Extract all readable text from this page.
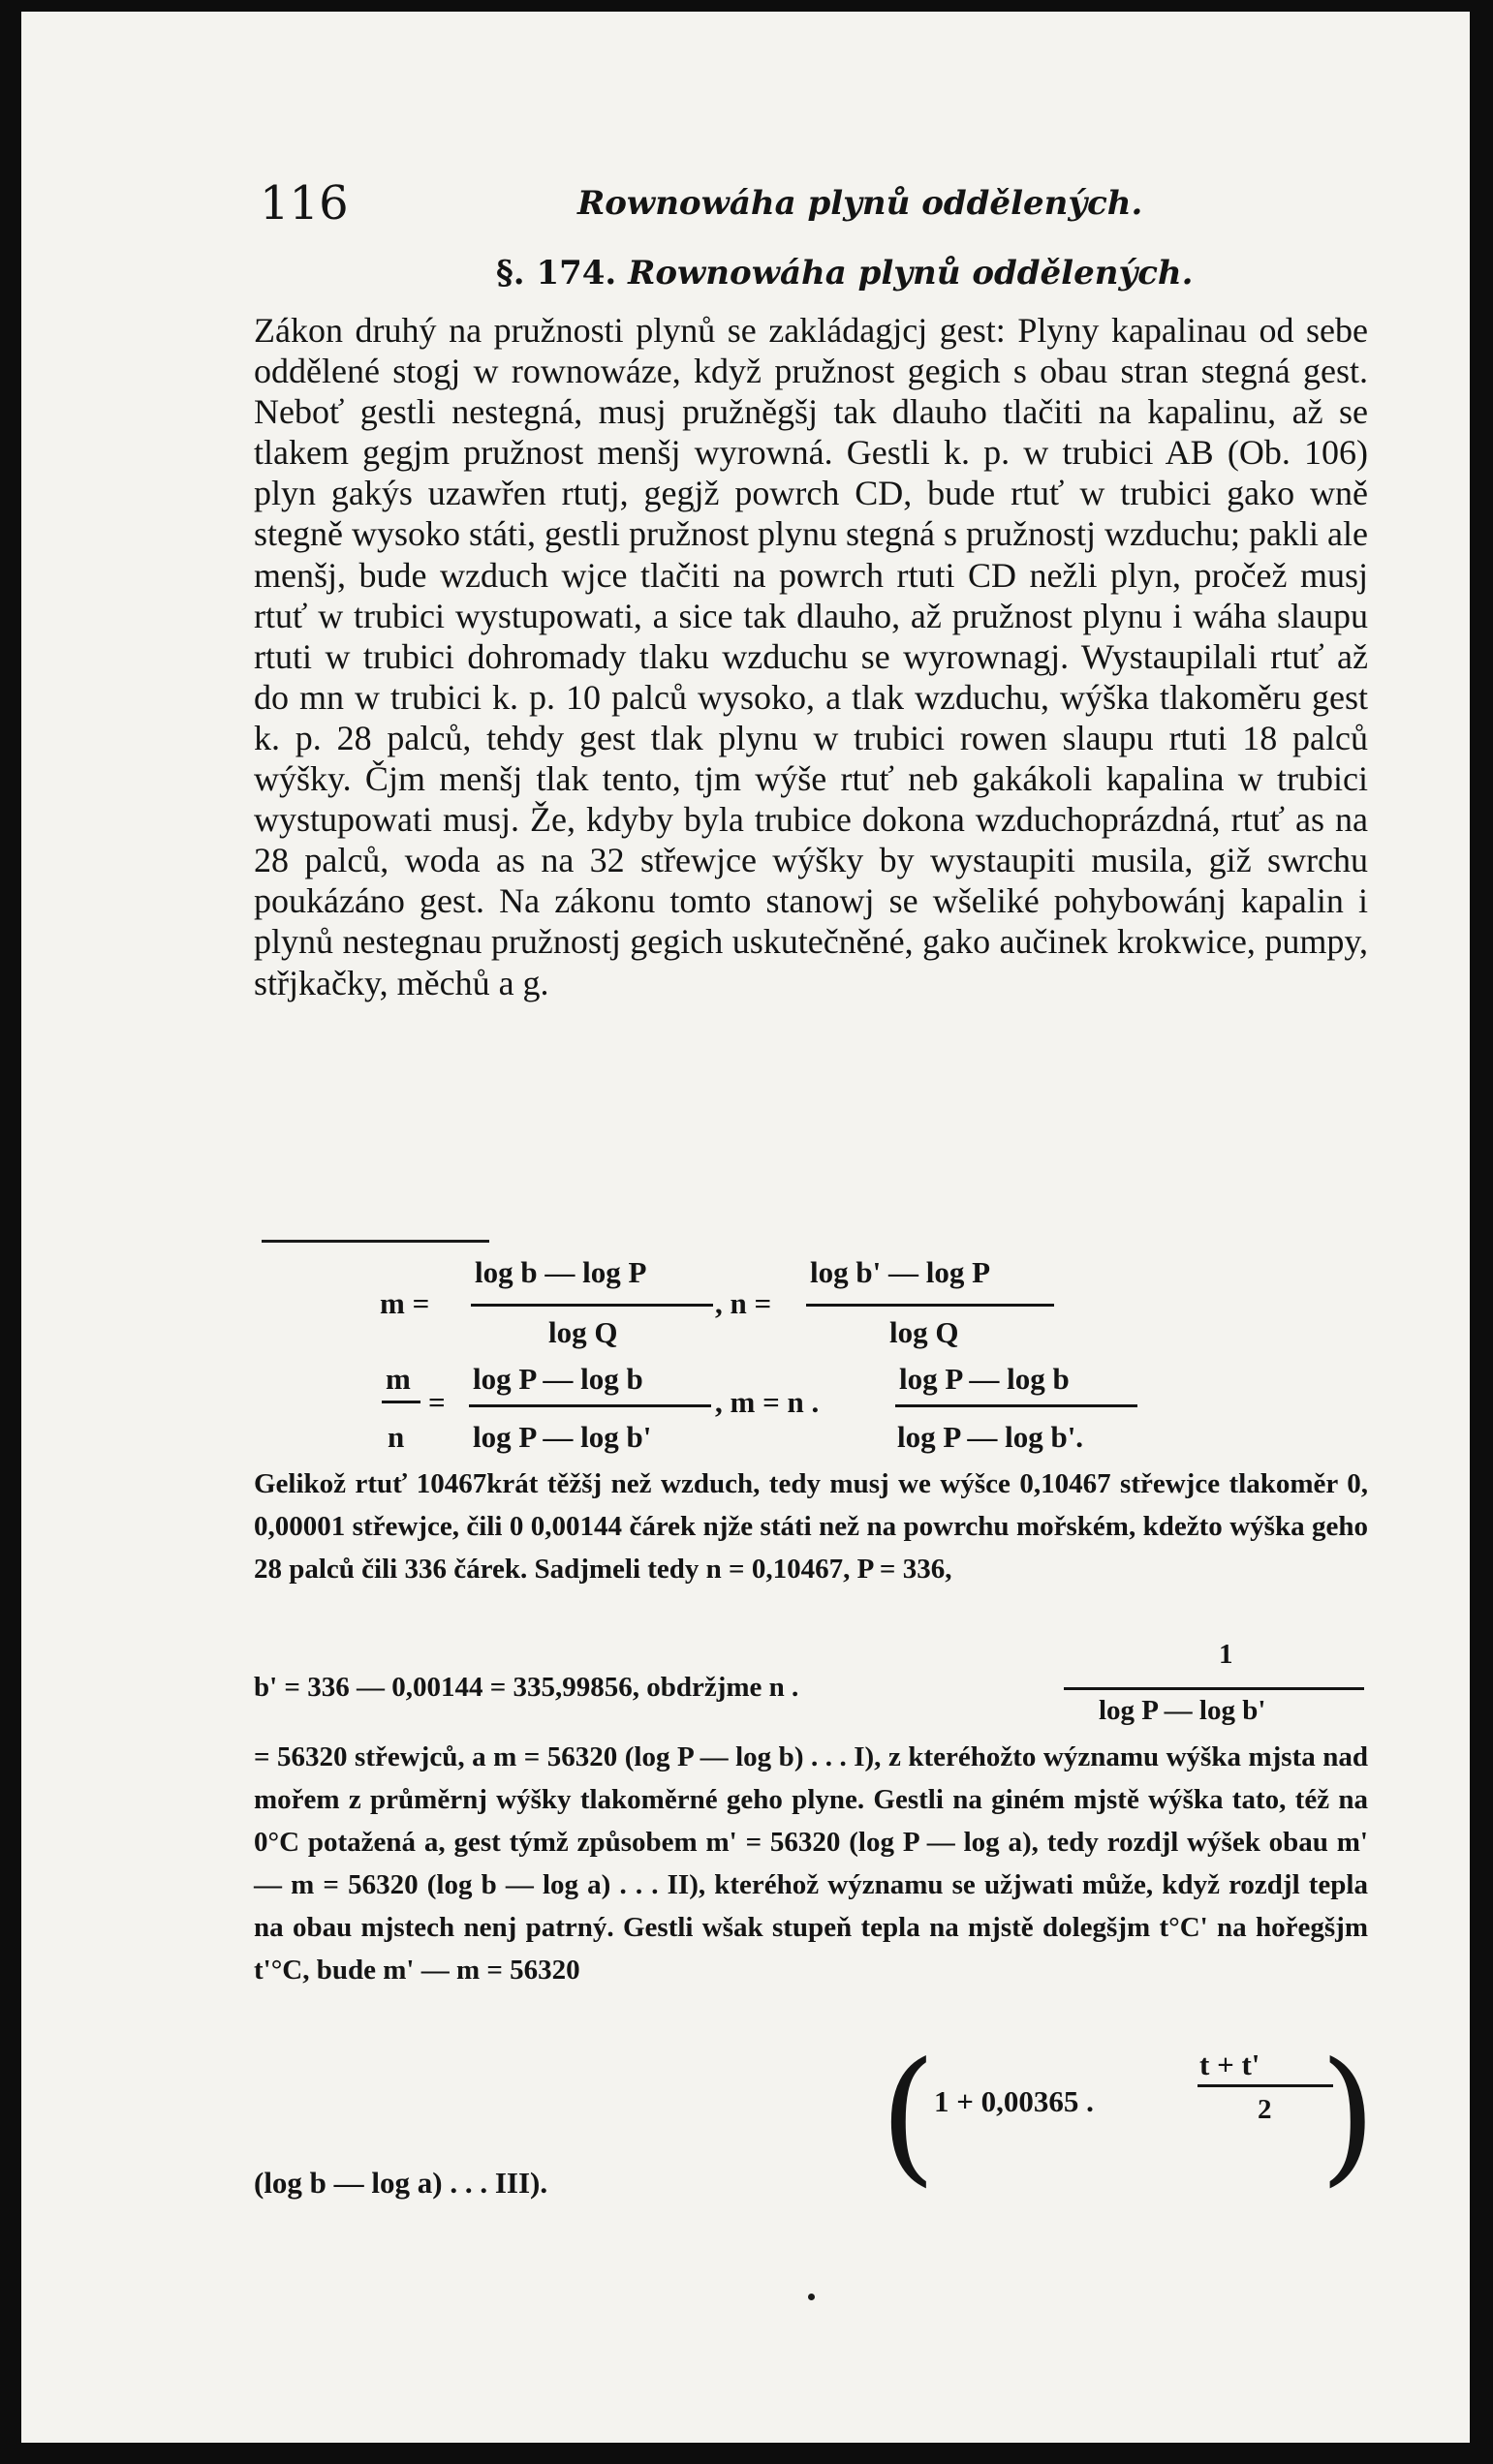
116	Rownowáha plynů oddělených.
§. 174. Rownowáha plynů oddělených.
Zákon druhý na pružnosti plynů se zakládagjcj gest: Plyny kapalinau od sebe oddělené stogj w rownowáze, když pružnost gegich s obau stran stegná gest. Neboť gestli nestegná, musj pružněgšj tak dlauho tlačiti na kapalinu, až se tlakem gegjm pružnost menšj wyrowná. Gestli k. p. w trubici AB (Ob. 106) plyn gakýs uzawřen rtutj, gegjž powrch CD, bude rtuť w trubici gako wně stegně wysoko státi, gestli pružnost plynu stegná s pružnostj wzduchu; pakli ale menšj, bude wzduch wjce tlačiti na powrch rtuti CD nežli plyn, pročež musj rtuť w trubici wystupowati, a sice tak dlauho, až pružnost plynu i wáha slaupu rtuti w trubici dohromady tlaku wzduchu se wyrownagj. Wystaupilali rtuť až do mn w trubici k. p. 10 palců wysoko, a tlak wzduchu, wýška tlakoměru gest k. p. 28 palců, tehdy gest tlak plynu w trubici rowen slaupu rtuti 18 palců wýšky. Čjm menšj tlak tento, tjm wýše rtuť neb gakákoli kapalina w trubici wystupowati musj. Že, kdyby byla trubice dokona wzduchoprázdná, rtuť as na 28 palců, woda as na 32 střewjce wýšky by wystaupiti musila, giž swrchu poukázáno gest. Na zákonu tomto stanowj se wšeliké pohybowánj kapalin i plynů nestegnau pružnostj gegich uskutečněné, gako aučinek krokwice, pumpy, střjkačky, měchů a g.
m =
log b — log P
log Q
, n =
log b' — log P
log Q
m
n
=
log P — log b
log P — log b'
, m = n .
log P — log b
log P — log b'.
Gelikož rtuť 10467krát těžšj než wzduch, tedy musj we wýšce 0,10467 střewjce tlakoměr 0, 0,00001 střewjce, čili 0 0,00144 čárek njže státi než na powrchu mořském, kdežto wýška geho 28 palců čili 336 čárek. Sadjmeli tedy n = 0,10467, P = 336,
1
b' = 336 — 0,00144 = 335,99856, obdržjme n .
log P — log b'
= 56320 střewjců, a m = 56320 (log P — log b) . . . I), z kteréhožto wýznamu wýška mjsta nad mořem z průměrnj wýšky tlakoměrné geho plyne. Gestli na giném mjstě wýška tato, též na 0°C potažená a, gest týmž způsobem m' = 56320 (log P — log a), tedy rozdjl wýšek obau m' — m = 56320 (log b — log a) . . . II), kteréhož wýznamu se užjwati může, když rozdjl tepla na obau mjstech nenj patrný. Gestli wšak stupeň tepla na mjstě dolegšjm t°C' na hořegšjm t'°C, bude m' — m = 56320
(
1 + 0,00365 .
t + t'
2 )
(log b — log a) . . . III).
